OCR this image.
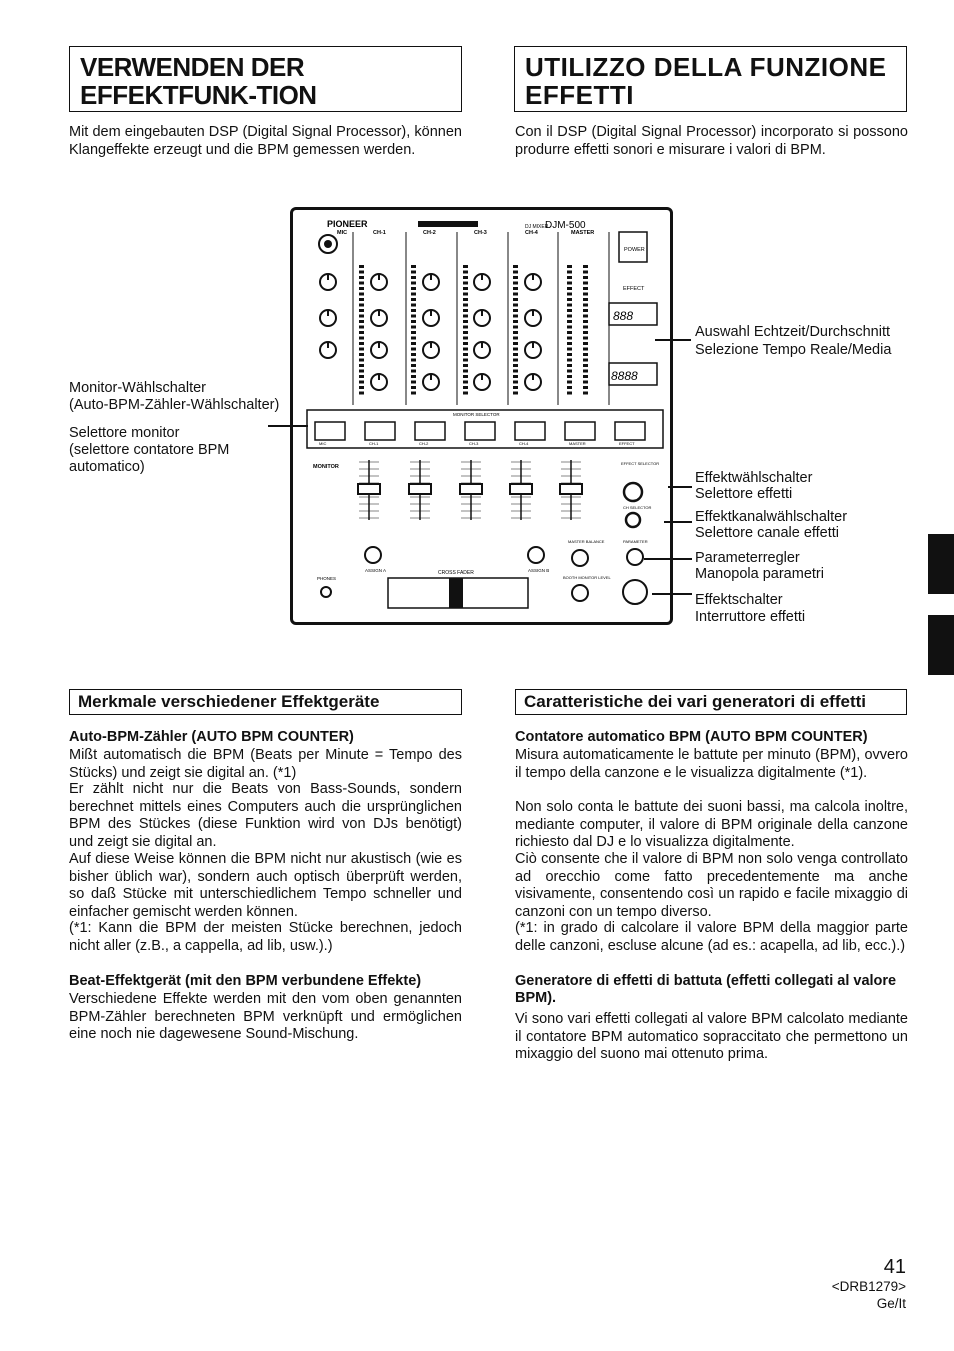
VERWENDEN DER EFFEKTFUNK-TION
UTILIZZO DELLA FUNZIONE EFFETTI
Mit dem eingebauten DSP (Digital Signal Processor), können Klangeffekte erzeugt und die BPM gemessen werden.
Con il DSP (Digital Signal Processor) incorporato si possono produrre effetti sonori e misurare i valori di BPM.
PIONEER	DJ MIXER
DJM-500
MIC	CH-1	CH-2	CH-3	CH-4	MASTER
POWER
EFFECT
888
8888
MONITOR SELECTOR
MIC	CH-1	CH-2	CH-3	CH-4	MASTER	EFFECT
MONITOR
CROSS FADER
PHONES
ASSIGN A	ASSIGN B
MASTER BALANCE
BOOTH MONITOR LEVEL
EFFECT SELECTOR
CH SELECTOR
PARAMETER
Monitor-Wählschalter
(Auto-BPM-Zähler-Wählschalter)
Selettore monitor
(selettore contatore BPM
automatico)
Auswahl Echtzeit/Durchschnitt
Selezione Tempo Reale/Media
Effektwählschalter
Selettore effetti
Effektkanalwählschalter
Selettore canale effetti
Parameterregler
Manopola parametri
Effektschalter
Interruttore effetti
Merkmale verschiedener Effektgeräte
Auto-BPM-Zähler (AUTO BPM COUNTER)
Mißt automatisch die BPM (Beats per Minute = Tempo des Stücks) und zeigt sie digital an. (*1)
Er zählt nicht nur die Beats von Bass-Sounds, sondern berechnet mittels eines Computers auch die ursprünglichen BPM des Stückes (diese Funktion wird von DJs benötigt) und zeigt sie digital an.
Auf diese Weise können die BPM nicht nur akustisch (wie es bisher üblich war), sondern auch optisch überprüft werden, so daß Stücke mit unterschiedlichem Tempo schneller und einfacher gemischt werden können.
(*1: Kann die BPM der meisten Stücke berechnen, jedoch nicht aller (z.B., a cappella, ad lib, usw.).)
Beat-Effektgerät (mit den BPM verbundene Effekte)
Verschiedene Effekte werden mit den vom oben genannten BPM-Zähler berechneten BPM verknüpft und ermöglichen eine noch nie dagewesene Sound-Mischung.
Caratteristiche dei vari generatori di effetti
Contatore automatico BPM (AUTO BPM COUNTER)
Misura automaticamente le battute per minuto (BPM), ovvero il tempo della canzone e le visualizza digitalmente (*1).
Non solo conta le battute dei suoni bassi, ma calcola inoltre, mediante computer, il valore di BPM originale della canzone richiesto dal DJ e lo visualizza digitalmente.
Ciò consente che il valore di BPM non solo venga controllato ad orecchio come fatto precedentemente ma anche visivamente, consentendo così un rapido e facile mixaggio di canzoni con un tempo diverso.
(*1: in grado di calcolare il valore BPM della maggior parte delle canzoni, escluse alcune (ad es.: acapella, ad lib, ecc.).)
Generatore di effetti di battuta (effetti collegati al valore BPM).
Vi sono vari effetti collegati al valore BPM calcolato mediante il contatore BPM automatico sopraccitato che permettono un mixaggio del suono mai ottenuto prima.
41
<DRB1279>
Ge/It
